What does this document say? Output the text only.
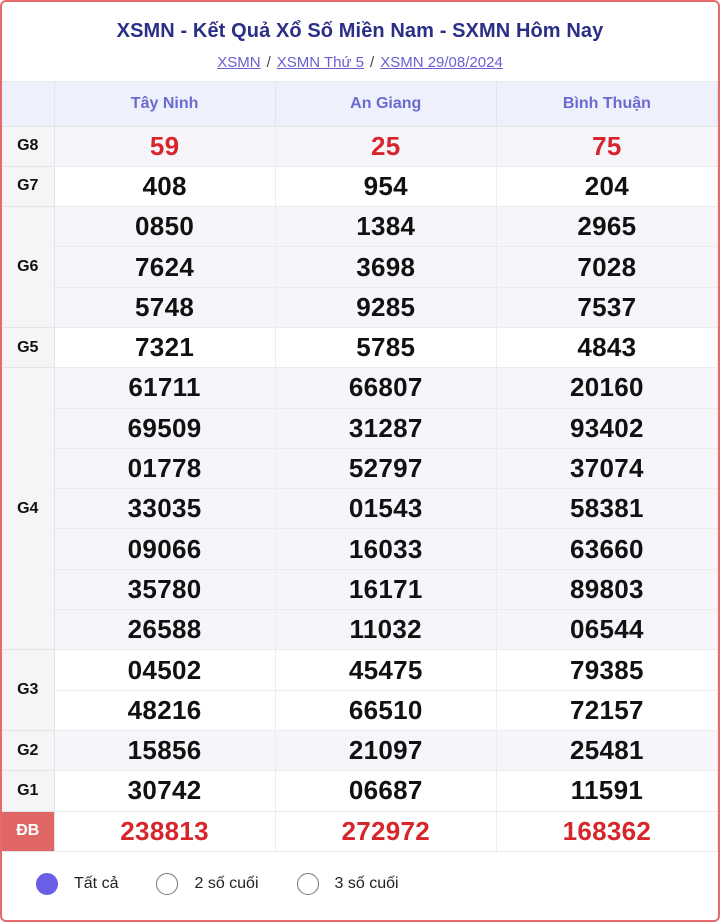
XSMN - Kết Quả Xổ Số Miền Nam - SXMN Hôm Nay
XSMN / XSMN Thứ 5 / XSMN 29/08/2024
	Tây Ninh	An Giang	Bình Thuận
G8	59	25	75
G7	408	954	204
G6	0850	1384	2965
	7624	3698	7028
	5748	9285	7537
G5	7321	5785	4843
G4	61711	66807	20160
	69509	31287	93402
	01778	52797	37074
	33035	01543	58381
	09066	16033	63660
	35780	16171	89803
	26588	11032	06544
G3	04502	45475	79385
	48216	66510	72157
G2	15856	21097	25481
G1	30742	06687	11591
ĐB	238813	272972	168362
Tất cả	2 số cuối	3 số cuối
